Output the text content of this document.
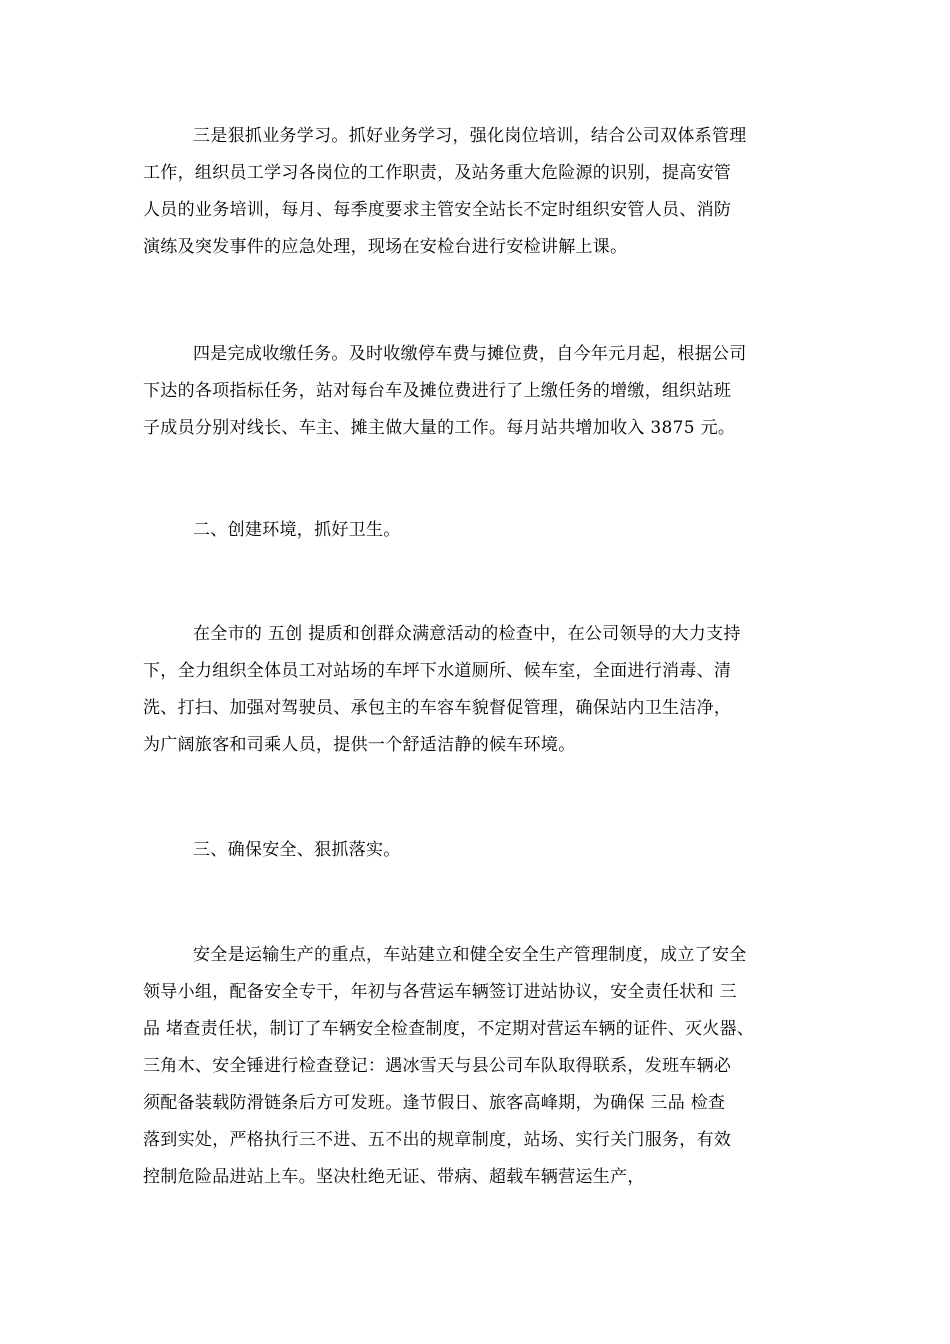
三是狠抓业务学习。抓好业务学习，强化岗位培训，结合公司双体系管理
工作，组织员工学习各岗位的工作职责，及站务重大危险源的识别，提高安管
人员的业务培训，每月、每季度要求主管安全站长不定时组织安管人员、消防
演练及突发事件的应急处理，现场在安检台进行安检讲解上课。
四是完成收缴任务。及时收缴停车费与摊位费，自今年元月起，根据公司
下达的各项指标任务，站对每台车及摊位费进行了上缴任务的增缴，组织站班
子成员分别对线长、车主、摊主做大量的工作。每月站共增加收入 3875 元。
二、创建环境，抓好卫生。
在全市的 五创 提质和创群众满意活动的检查中，在公司领导的大力支持
下，全力组织全体员工对站场的车坪下水道厕所、候车室，全面进行消毒、清
洗、打扫、加强对驾驶员、承包主的车容车貌督促管理，确保站内卫生洁净，
为广阔旅客和司乘人员，提供一个舒适洁静的候车环境。
三、确保安全、狠抓落实。
安全是运输生产的重点，车站建立和健全安全生产管理制度，成立了安全
领导小组，配备安全专干，年初与各营运车辆签订进站协议，安全责任状和 三
品 堵查责任状，制订了车辆安全检查制度，不定期对营运车辆的证件、灭火器、
三角木、安全锤进行检查登记：遇冰雪天与县公司车队取得联系，发班车辆必
须配备装载防滑链条后方可发班。逢节假日、旅客高峰期，为确保 三品 检查
落到实处，严格执行三不进、五不出的规章制度，站场、实行关门服务，有效
控制危险品进站上车。坚决杜绝无证、带病、超载车辆营运生产，
